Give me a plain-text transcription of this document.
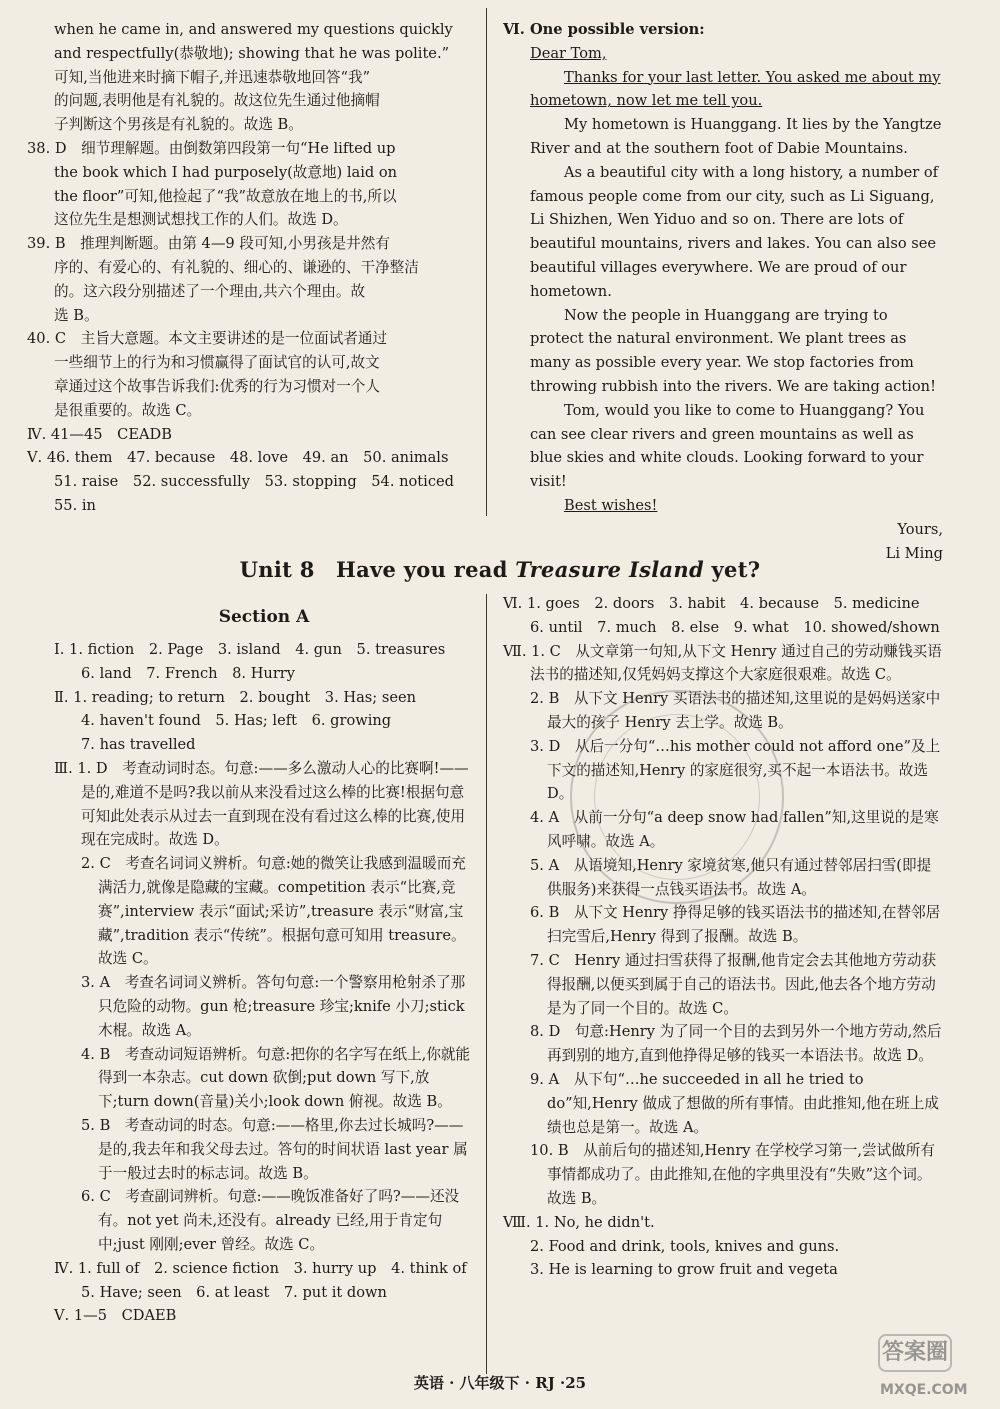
when he came in, and answered my questions quickly

and respectfully(恭敬地); showing that he was polite.”

可知,当他进来时摘下帽子,并迅速恭敬地回答“我”

的问题,表明他是有礼貌的。故这位先生通过他摘帽

子判断这个男孩是有礼貌的。故选 B。

38. D　细节理解题。由倒数第四段第一句“He lifted up

the book which I had purposely(故意地) laid on

the floor”可知,他捡起了“我”故意放在地上的书,所以

这位先生是想测试想找工作的人们。故选 D。

39. B　推理判断题。由第 4—9 段可知,小男孩是井然有

序的、有爱心的、有礼貌的、细心的、谦逊的、干净整洁

的。这六段分别描述了一个理由,共六个理由。故

选 B。

40. C　主旨大意题。本文主要讲述的是一位面试者通过

一些细节上的行为和习惯赢得了面试官的认可,故文

章通过这个故事告诉我们:优秀的行为习惯对一个人

是很重要的。故选 C。

Ⅳ. 41—45　CEADB

Ⅴ. 46. them　47. because　48. love　49. an　50. animals

51. raise　52. successfully　53. stopping　54. noticed

55. in

Ⅵ. One possible version:

Dear Tom,

Thanks for your last letter. You asked me about my hometown, now let me tell you.

My hometown is Huanggang. It lies by the Yangtze River and at the southern foot of Dabie Mountains.

As a beautiful city with a long history, a number of famous people come from our city, such as Li Siguang, Li Shizhen, Wen Yiduo and so on. There are lots of beautiful mountains, rivers and lakes. You can also see beautiful villages everywhere. We are proud of our hometown.

Now the people in Huanggang are trying to protect the natural environment. We plant trees as many as possible every year. We stop factories from throwing rubbish into the rivers. We are taking action!

Tom, would you like to come to Huanggang? You can see clear rivers and green mountains as well as blue skies and white clouds. Looking forward to your visit!

Best wishes!

Yours,

Li Ming

Unit 8　Have you read Treasure Island yet?

Section A

Ⅰ. 1. fiction　2. Page　3. island　4. gun　5. treasures

6. land　7. French　8. Hurry

Ⅱ. 1. reading; to return　2. bought　3. Has; seen

4. haven't found　5. Has; left　6. growing

7. has travelled

Ⅲ. 1. D　考查动词时态。句意:——多么激动人心的比赛啊!——是的,难道不是吗?我以前从来没看过这么棒的比赛!根据句意可知此处表示从过去一直到现在没有看过这么棒的比赛,使用现在完成时。故选 D。

2. C　考查名词词义辨析。句意:她的微笑让我感到温暖而充满活力,就像是隐藏的宝藏。competition 表示“比赛,竞赛”,interview 表示“面试;采访”,treasure 表示“财富,宝藏”,tradition 表示“传统”。根据句意可知用 treasure。故选 C。

3. A　考查名词词义辨析。答句句意:一个警察用枪射杀了那只危险的动物。gun 枪;treasure 珍宝;knife 小刀;stick 木棍。故选 A。

4. B　考查动词短语辨析。句意:把你的名字写在纸上,你就能得到一本杂志。cut down 砍倒;put down 写下,放下;turn down(音量)关小;look down 俯视。故选 B。

5. B　考查动词的时态。句意:——格里,你去过长城吗?——是的,我去年和我父母去过。答句的时间状语 last year 属于一般过去时的标志词。故选 B。

6. C　考查副词辨析。句意:——晚饭准备好了吗?——还没有。not yet 尚未,还没有。already 已经,用于肯定句中;just 刚刚;ever 曾经。故选 C。

Ⅳ. 1. full of　2. science fiction　3. hurry up　4. think of

5. Have; seen　6. at least　7. put it down

Ⅴ. 1—5　CDAEB

Ⅵ. 1. goes　2. doors　3. habit　4. because　5. medicine

6. until　7. much　8. else　9. what　10. showed/shown

Ⅶ. 1. C　从文章第一句知,从下文 Henry 通过自己的劳动赚钱买语法书的描述知,仅凭妈妈支撑这个大家庭很艰难。故选 C。

2. B　从下文 Henry 买语法书的描述知,这里说的是妈妈送家中最大的孩子 Henry 去上学。故选 B。

3. D　从后一分句“…his mother could not afford one”及上下文的描述知,Henry 的家庭很穷,买不起一本语法书。故选 D。

4. A　从前一分句“a deep snow had fallen”知,这里说的是寒风呼啸。故选 A。

5. A　从语境知,Henry 家境贫寒,他只有通过替邻居扫雪(即提供服务)来获得一点钱买语法书。故选 A。

6. B　从下文 Henry 挣得足够的钱买语法书的描述知,在替邻居扫完雪后,Henry 得到了报酬。故选 B。

7. C　Henry 通过扫雪获得了报酬,他肯定会去其他地方劳动获得报酬,以便买到属于自己的语法书。因此,他去各个地方劳动是为了同一个目的。故选 C。

8. D　句意:Henry 为了同一个目的去到另外一个地方劳动,然后再到别的地方,直到他挣得足够的钱买一本语法书。故选 D。

9. A　从下句“…he succeeded in all he tried to do”知,Henry 做成了想做的所有事情。由此推知,他在班上成绩也总是第一。故选 A。

10. B　从前后句的描述知,Henry 在学校学习第一,尝试做所有事情都成功了。由此推知,在他的字典里没有“失败”这个词。故选 B。

Ⅷ. 1. No, he didn't.

2. Food and drink, tools, knives and guns.

3. He is learning to grow fruit and vegeta

英语 · 八年级下 · RJ ·25
答案圈
MXQE.COM
